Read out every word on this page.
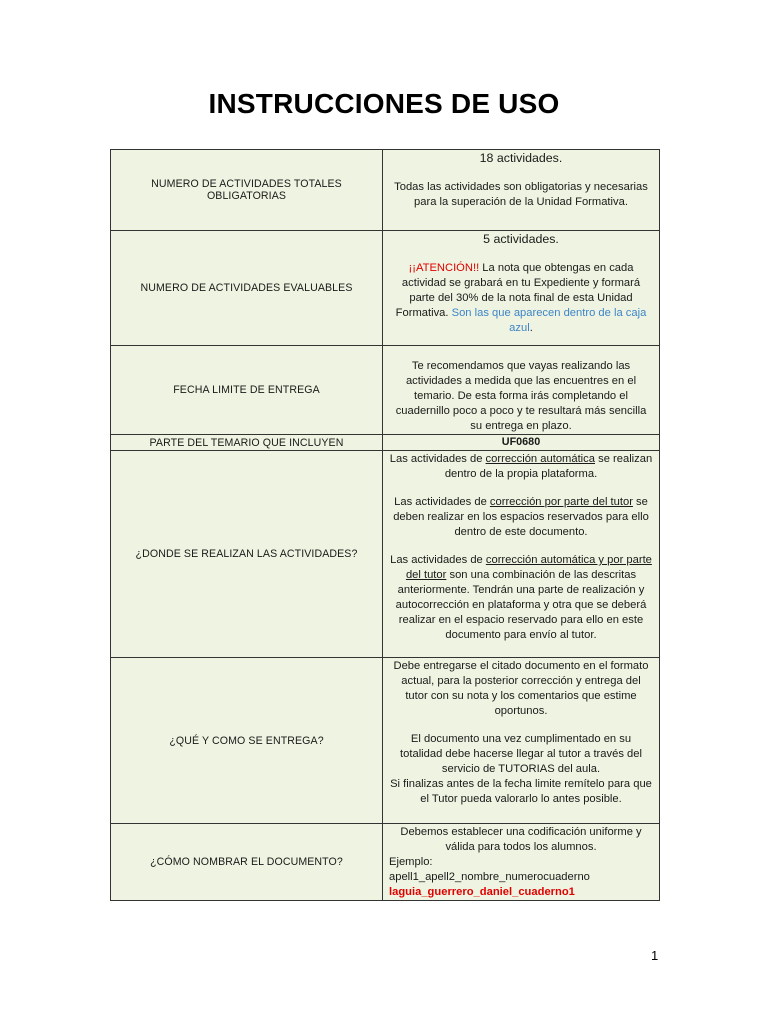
INSTRUCCIONES DE USO
NUMERO DE ACTIVIDADES TOTALES OBLIGATORIAS	18 actividades.
Todas las actividades son obligatorias y necesarias para la superación de la Unidad Formativa.
NUMERO DE ACTIVIDADES EVALUABLES	5 actividades.
¡¡ATENCIÓN!! La nota que obtengas en cada actividad se grabará en tu Expediente y formará parte del 30% de la nota final de esta Unidad Formativa. Son las que aparecen dentro de la caja azul.
FECHA LIMITE DE ENTREGA	Te recomendamos que vayas realizando las actividades a medida que las encuentres en el temario. De esta forma irás completando el cuadernillo poco a poco y te resultará más sencilla su entrega en plazo.
PARTE DEL TEMARIO QUE INCLUYEN	UF0680
¿DONDE SE REALIZAN LAS ACTIVIDADES?	Las actividades de corrección automática se realizan dentro de la propia plataforma.
Las actividades de corrección por parte del tutor se deben realizar en los espacios reservados para ello dentro de este documento.
Las actividades de corrección automática y por parte del tutor son una combinación de las descritas anteriormente. Tendrán una parte de realización y autocorrección en plataforma y otra que se deberá realizar en el espacio reservado para ello en este documento para envío al tutor.
¿QUÉ Y COMO SE ENTREGA?	Debe entregarse el citado documento en el formato actual, para la posterior corrección y entrega del tutor con su nota y los comentarios que estime oportunos.
El documento una vez cumplimentado en su totalidad debe hacerse llegar al tutor a través del servicio de TUTORIAS del aula.
Si finalizas antes de la fecha limite remítelo para que el Tutor pueda valorarlo lo antes posible.
¿CÓMO NOMBRAR EL DOCUMENTO?	Debemos establecer una codificación uniforme y válida para todos los alumnos.
Ejemplo:
apell1_apell2_nombre_numerocuaderno
laguia_guerrero_daniel_cuaderno1
1
